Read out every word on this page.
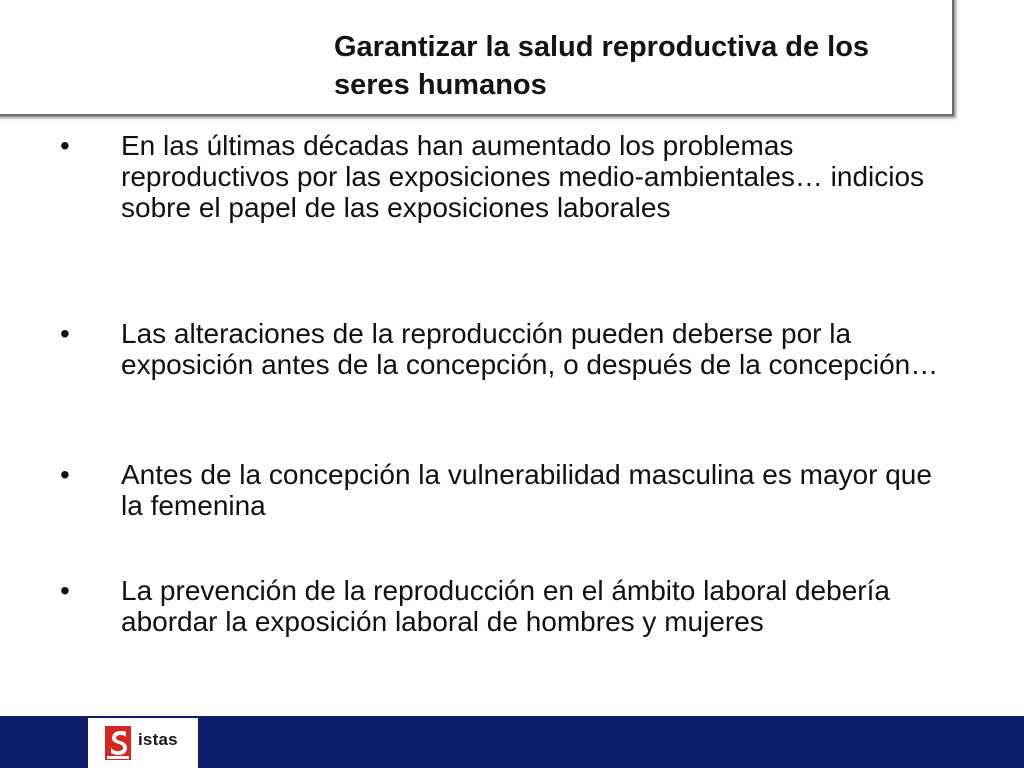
Garantizar la salud reproductiva de los seres humanos
• En las últimas décadas han aumentado los problemas reproductivos por las exposiciones medio-ambientales… indicios sobre el papel de las exposiciones laborales
• Las alteraciones de la reproducción pueden deberse por la exposición antes de la concepción, o después de la concepción…
• Antes de la concepción la vulnerabilidad masculina es mayor que la femenina
• La prevención de la reproducción en el ámbito laboral debería abordar la exposición laboral de hombres y mujeres
istas
